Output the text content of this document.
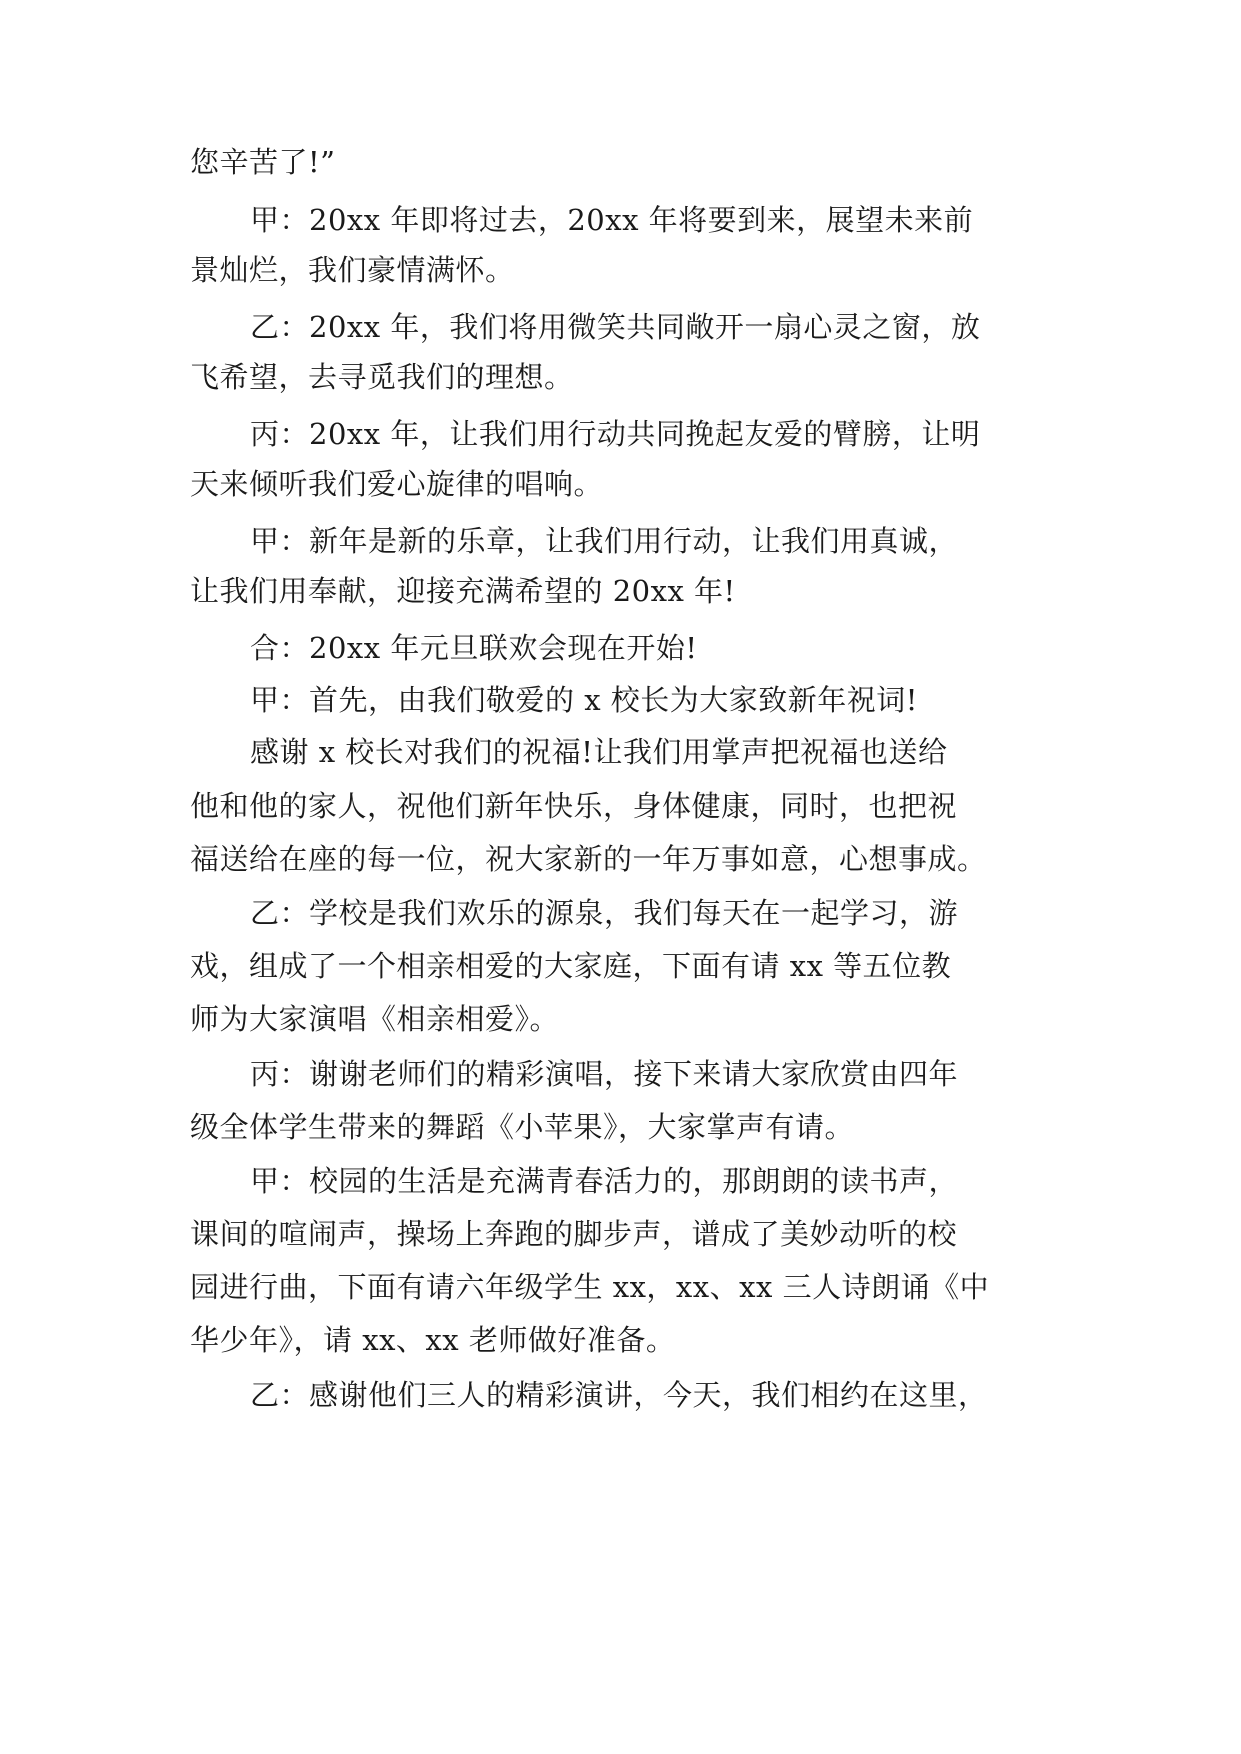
您辛苦了!”
甲：20xx 年即将过去，20xx 年将要到来，展望未来前
景灿烂，我们豪情满怀。
乙：20xx 年，我们将用微笑共同敞开一扇心灵之窗，放
飞希望，去寻觅我们的理想。
丙：20xx 年，让我们用行动共同挽起友爱的臂膀，让明
天来倾听我们爱心旋律的唱响。
甲：新年是新的乐章，让我们用行动，让我们用真诚，
让我们用奉献，迎接充满希望的 20xx 年!
合：20xx 年元旦联欢会现在开始!
甲：首先，由我们敬爱的 x 校长为大家致新年祝词!
感谢 x 校长对我们的祝福!让我们用掌声把祝福也送给
他和他的家人，祝他们新年快乐，身体健康，同时，也把祝
福送给在座的每一位，祝大家新的一年万事如意，心想事成。
乙：学校是我们欢乐的源泉，我们每天在一起学习，游
戏，组成了一个相亲相爱的大家庭，下面有请 xx 等五位教
师为大家演唱《相亲相爱》。
丙：谢谢老师们的精彩演唱，接下来请大家欣赏由四年
级全体学生带来的舞蹈《小苹果》，大家掌声有请。
甲：校园的生活是充满青春活力的，那朗朗的读书声，
课间的喧闹声，操场上奔跑的脚步声，谱成了美妙动听的校
园进行曲，下面有请六年级学生 xx，xx、xx 三人诗朗诵《中
华少年》，请 xx、xx 老师做好准备。
乙：感谢他们三人的精彩演讲，今天，我们相约在这里，
